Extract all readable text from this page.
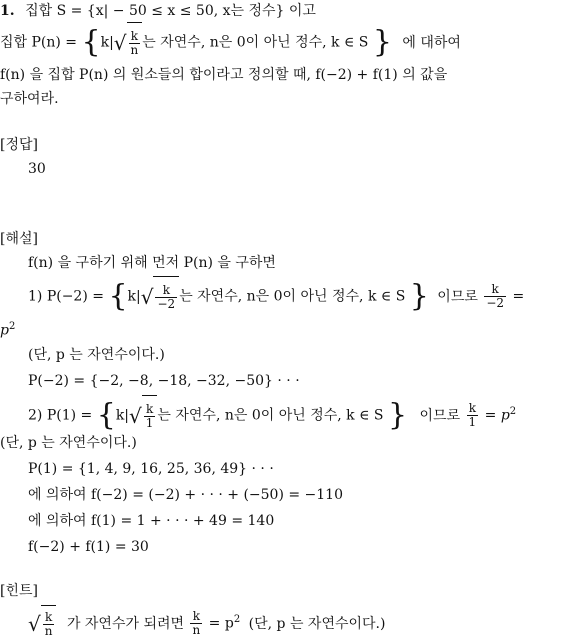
1. 집합 S = {x| − 50 ≤ x ≤ 50, x는 정수} 이고
집합 $P(n) = \{k|√ \frac{k}{n}$ 는 자연수, n은 0이 아닌 정수, k ∈ S } 에 대하여
f(n) 을 집합 P(n) 의 원소들의 합이라고 정의할 때, f(−2) + f(1) 의 값을
구하여라.
[정답]
30
[해설]
f(n) 을 구하기 위해 먼저 P(n) 을 구하면
1) $P(-2) = \{k|√ \frac{k}{-2}$ 는 자연수, n은 0이 아닌 정수, k ∈ S } 이므로 $\frac{k}{-2}$ =
$p^2$
(단, p 는 자연수이다.)
P(−2) = {−2, −8, −18, −32, −50} · · ·
2) $P(1) = \{k|√ \frac{k}{1}$ 는 자연수, n은 0이 아닌 정수, k ∈ S } 이므로 $\frac{k}{1} = p^2$
(단, p 는 자연수이다.)
P(1) = {1, 4, 9, 16, 25, 36, 49} · · ·
에 의하여 f(−2) = (−2) + · · · + (−50) = −110
에 의하여 f(1) = 1 + · · · + 49 = 140
f(−2) + f(1) = 30
[힌트]
√ $\frac{k}{n}$ 가 자연수가 되려면 $\frac{k}{n} = p^2$ (단, p 는 자연수이다.)
